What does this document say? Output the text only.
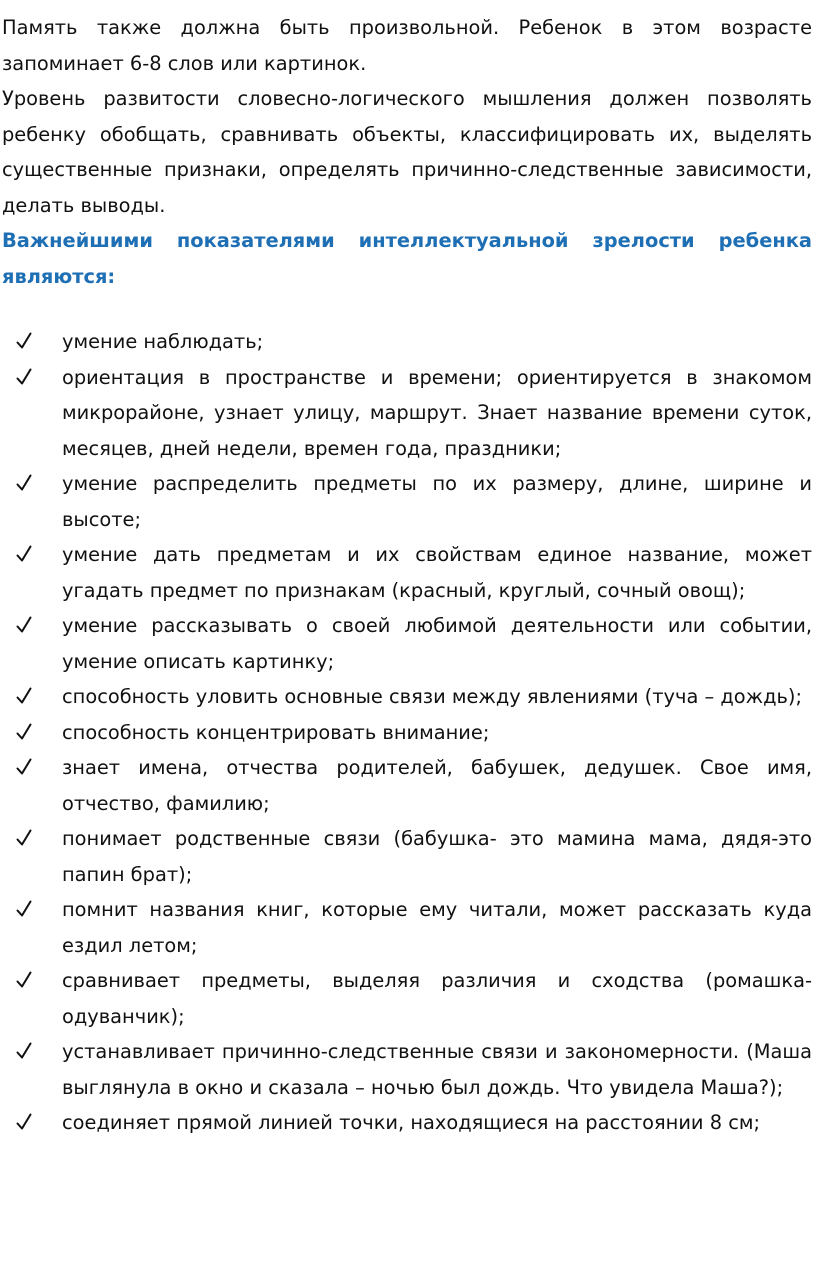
Память также должна быть произвольной. Ребенок в этом возрасте запоминает 6-8 слов или картинок.

Уровень развитости словесно-логического мышления должен позволять ребенку обобщать, сравнивать объекты, классифицировать их, выделять существенные признаки, определять причинно-следственные зависимости, делать выводы.

Важнейшими показателями интеллектуальной зрелости ребенка являются:

умение наблюдать;
ориентация в пространстве и времени; ориентируется в знакомом микрорайоне, узнает улицу, маршрут. Знает название времени суток, месяцев, дней недели, времен года, праздники;
умение распределить предметы по их размеру, длине, ширине и высоте;
умение дать предметам и их свойствам единое название, может угадать предмет по признакам (красный, круглый, сочный овощ);
умение рассказывать о своей любимой деятельности или событии, умение описать картинку;
способность уловить основные связи между явлениями (туча – дождь);
способность концентрировать внимание;
знает имена, отчества родителей, бабушек, дедушек. Свое имя, отчество, фамилию;
понимает родственные связи (бабушка- это мамина мама, дядя-это папин брат);
помнит названия книг, которые ему читали, может рассказать куда ездил летом;
сравнивает предметы, выделяя различия и сходства (ромашка-одуванчик);
устанавливает причинно-следственные связи и закономерности. (Маша выглянула в окно и сказала – ночью был дождь. Что увидела Маша?);
соединяет прямой линией точки, находящиеся на расстоянии 8 см;
